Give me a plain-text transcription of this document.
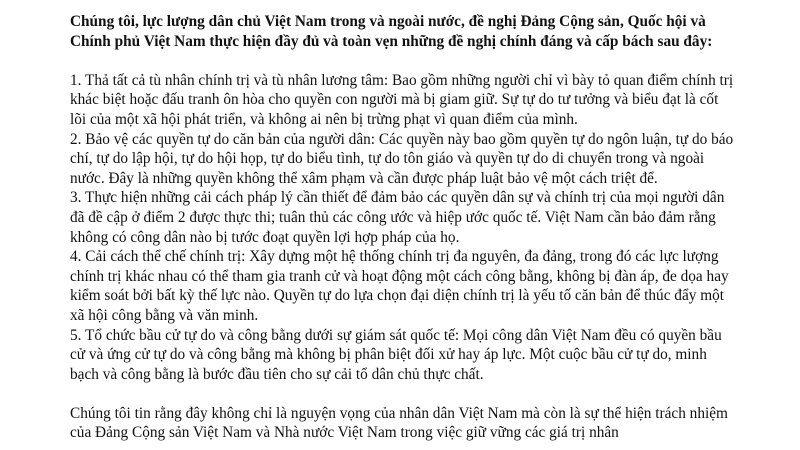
Chúng tôi, lực lượng dân chủ Việt Nam trong và ngoài nước, đề nghị Đảng Cộng sản, Quốc hội và Chính phủ Việt Nam thực hiện đầy đủ và toàn vẹn những đề nghị chính đáng và cấp bách sau đây:

1. Thả tất cả tù nhân chính trị và tù nhân lương tâm: Bao gồm những người chỉ vì bày tỏ quan điểm chính trị khác biệt hoặc đấu tranh ôn hòa cho quyền con người mà bị giam giữ. Sự tự do tư tưởng và biểu đạt là cốt lõi của một xã hội phát triển, và không ai nên bị trừng phạt vì quan điểm của mình.

2. Bảo vệ các quyền tự do căn bản của người dân: Các quyền này bao gồm quyền tự do ngôn luận, tự do báo chí, tự do lập hội, tự do hội họp, tự do biểu tình, tự do tôn giáo và quyền tự do di chuyển trong và ngoài nước. Đây là những quyền không thể xâm phạm và cần được pháp luật bảo vệ một cách triệt để.

3. Thực hiện những cải cách pháp lý cần thiết để đảm bảo các quyền dân sự và chính trị của mọi người dân đã đề cập ở điểm 2 được thực thi; tuân thủ các công ước và hiệp ước quốc tế. Việt Nam cần bảo đảm rằng không có công dân nào bị tước đoạt quyền lợi hợp pháp của họ.

4. Cải cách thể chế chính trị: Xây dựng một hệ thống chính trị đa nguyên, đa đảng, trong đó các lực lượng chính trị khác nhau có thể tham gia tranh cử và hoạt động một cách công bằng, không bị đàn áp, đe dọa hay kiểm soát bởi bất kỳ thế lực nào. Quyền tự do lựa chọn đại diện chính trị là yếu tố căn bản để thúc đẩy một xã hội công bằng và văn minh.

5. Tổ chức bầu cử tự do và công bằng dưới sự giám sát quốc tế: Mọi công dân Việt Nam đều có quyền bầu cử và ứng cử tự do và công bằng mà không bị phân biệt đối xử hay áp lực. Một cuộc bầu cử tự do, minh bạch và công bằng là bước đầu tiên cho sự cải tổ dân chủ thực chất.

Chúng tôi tin rằng đây không chỉ là nguyện vọng của nhân dân Việt Nam mà còn là sự thể hiện trách nhiệm của Đảng Cộng sản Việt Nam và Nhà nước Việt Nam trong việc giữ vững các giá trị nhân
